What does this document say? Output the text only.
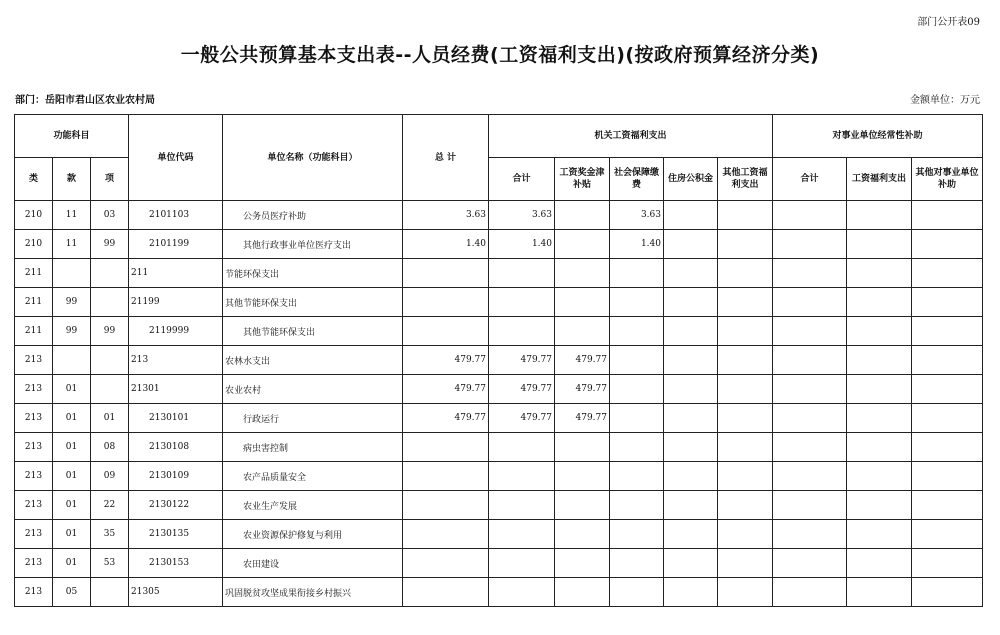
部门公开表09
一般公共预算基本支出表--人员经费(工资福利支出)(按政府预算经济分类)
部门：岳阳市君山区农业农村局	金额单位：万元
功能科目			单位代码	单位名称（功能科目）	总 计	机关工资福利支出					对事业单位经常性补助		
类	款	项				合计	工资奖金津补贴	社会保障缴费	住房公积金	其他工资福利支出	合计	工资福利支出	其他对事业单位补助
210	11	03	2101103	公务员医疗补助	3.63	3.63		3.63					
210	11	99	2101199	其他行政事业单位医疗支出	1.40	1.40		1.40					
211			211	节能环保支出									
211	99		21199	其他节能环保支出									
211	99	99	2119999	其他节能环保支出									
213			213	农林水支出	479.77	479.77	479.77						
213	01		21301	农业农村	479.77	479.77	479.77						
213	01	01	2130101	行政运行	479.77	479.77	479.77						
213	01	08	2130108	病虫害控制									
213	01	09	2130109	农产品质量安全									
213	01	22	2130122	农业生产发展									
213	01	35	2130135	农业资源保护修复与利用									
213	01	53	2130153	农田建设									
213	05		21305	巩固脱贫攻坚成果衔接乡村振兴									
